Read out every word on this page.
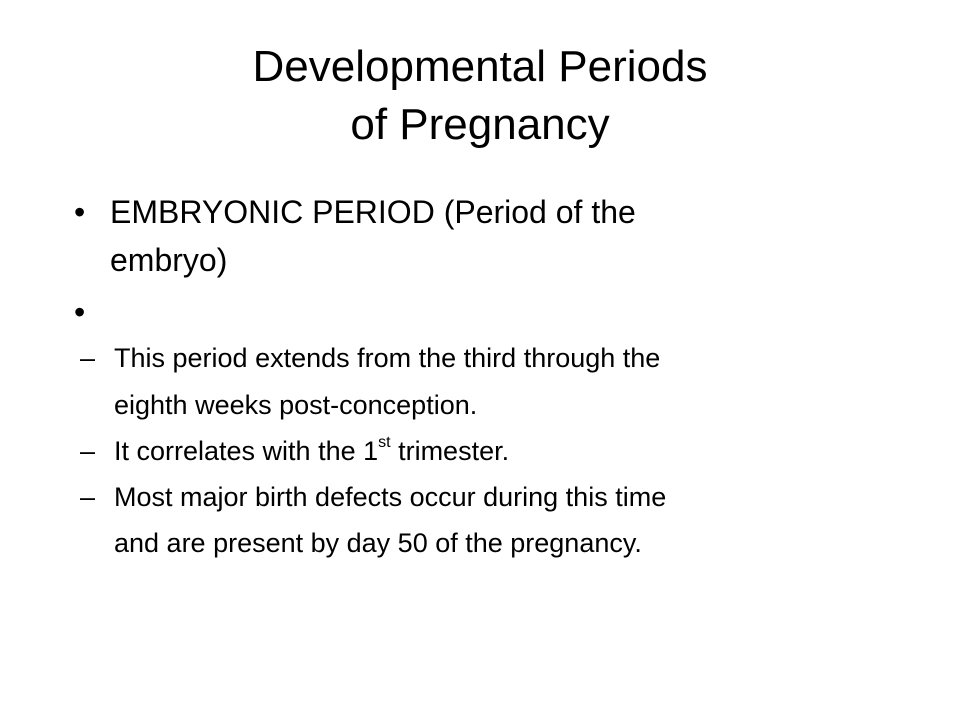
Developmental Periods
of Pregnancy
• EMBRYONIC PERIOD (Period of the
embryo)
•
– This period extends from the third through the
eighth weeks post-conception.
– It correlates with the 1st trimester.
– Most major birth defects occur during this time
and are present by day 50 of the pregnancy.
